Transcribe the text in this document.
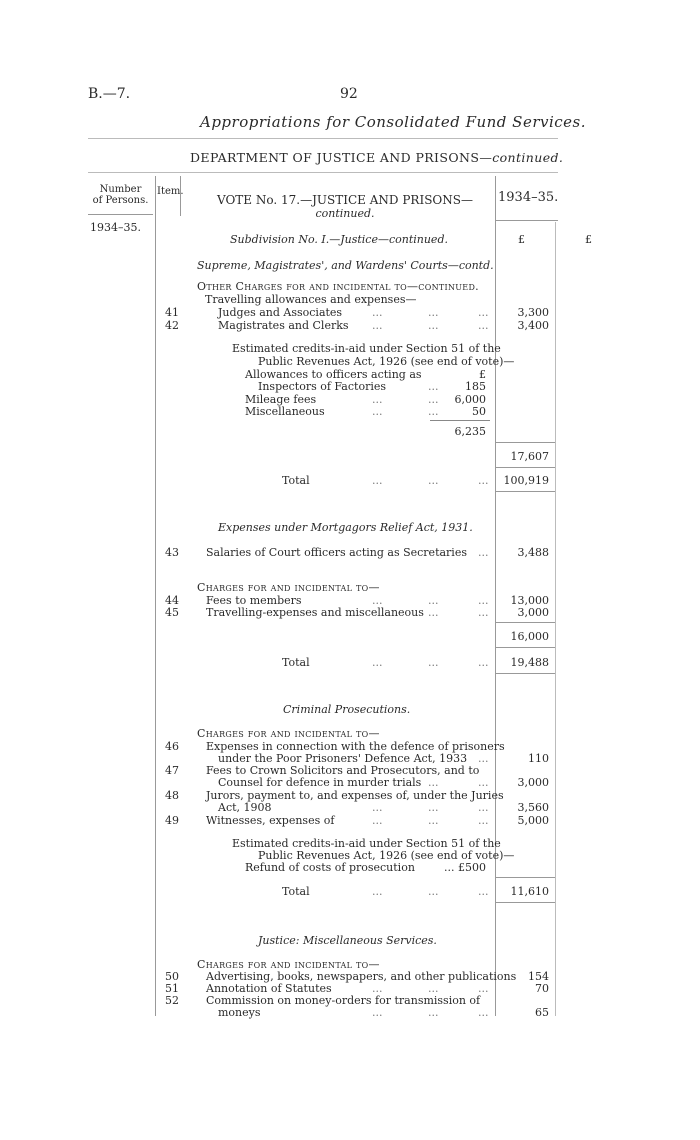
B.—7.	92
Appropriations for Consolidated Fund Services.
DEPARTMENT OF JUSTICE AND PRISONS—continued.
Number
of Persons.
Item.
VOTE No. 17.—JUSTICE AND PRISONS—
continued.
1934–35.
1934–35.
Subdivision No. I.—Justice—continued.	£	£
Supreme, Magistrates', and Wardens' Courts—contd.
Other Charges for and incidental to—continued.
Travelling allowances and expenses—
41	Judges and Associates	...	...	...	3,300
42	Magistrates and Clerks ...	...	...	3,400
Estimated credits-in-aid under Section 51 of the
Public Revenues Act, 1926 (see end of vote)—
Allowances to officers acting as	£
Inspectors of Factories	...	185
Mileage fees	...	...	6,000
Miscellaneous	...	...	50
6,235
17,607
Total	...	...	...	100,919
Expenses under Mortgagors Relief Act, 1931.
43 Salaries of Court officers acting as Secretaries ...	3,488
Charges for and incidental to—
44 Fees to members	...	...	...	13,000
45 Travelling-expenses and miscellaneous ...	...	3,000
16,000
Total	...	...	...	19,488
Criminal Prosecutions.
Charges for and incidental to—
46 Expenses in connection with the defence of prisoners
under the Poor Prisoners' Defence Act, 1933 ...	110
47 Fees to Crown Solicitors and Prosecutors, and to
Counsel for defence in murder trials ...	...	3,000
48 Jurors, payment to, and expenses of, under the Juries
Act, 1908	...	...	...	3,560
49 Witnesses, expenses of	...	...	...	5,000
Estimated credits-in-aid under Section 51 of the
Public Revenues Act, 1926 (see end of vote)—
Refund of costs of prosecution	... £500
Total	...	...	...	11,610
Justice: Miscellaneous Services.
Charges for and incidental to—
50 Advertising, books, newspapers, and other publications	154
51 Annotation of Statutes	...	...	...	70
52 Commission on money-orders for transmission of
moneys	...	...	...	65
